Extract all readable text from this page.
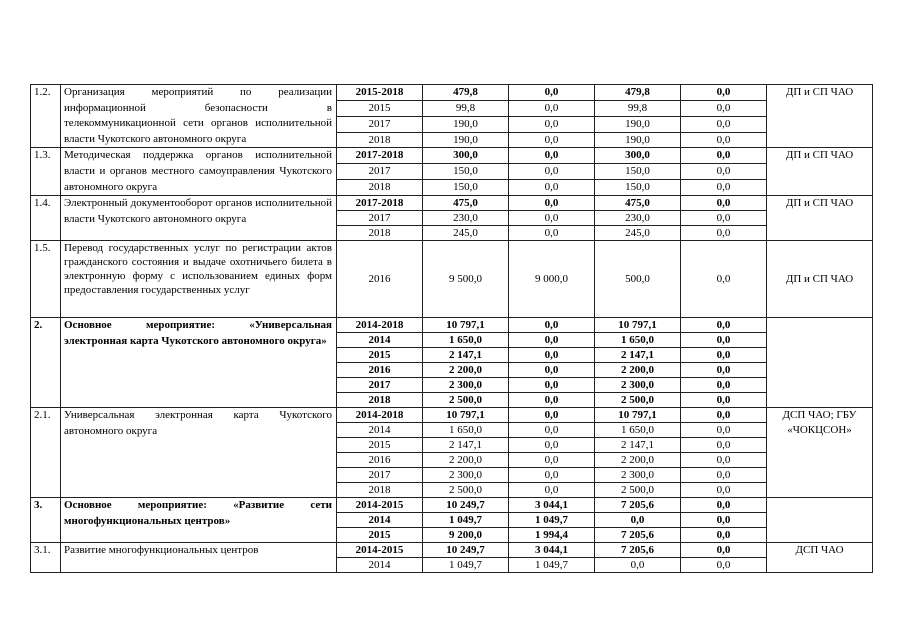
1.2.	Организация мероприятий по реализации информационной безопасности в телекоммуникационной сети органов исполнительной власти Чукотского автономного округа	2015-2018	479,8	0,0	479,8	0,0	ДП и СП ЧАО
		2015	99,8	0,0	99,8	0,0	
		2017	190,0	0,0	190,0	0,0	
		2018	190,0	0,0	190,0	0,0	
1.3.	Методическая поддержка органов исполнительной власти и органов местного самоуправления Чукотского автономного округа	2017-2018	300,0	0,0	300,0	0,0	ДП и СП ЧАО
		2017	150,0	0,0	150,0	0,0	
		2018	150,0	0,0	150,0	0,0	
1.4.	Электронный документооборот органов исполнительной власти Чукотского автономного округа	2017-2018	475,0	0,0	475,0	0,0	ДП и СП ЧАО
		2017	230,0	0,0	230,0	0,0	
		2018	245,0	0,0	245,0	0,0	
1.5.	Перевод государственных услуг по регистрации актов гражданского состояния и выдаче охотничьего билета в электронную форму с использованием единых форм предоставления государственных услуг	2016	9 500,0	9 000,0	500,0	0,0	ДП и СП ЧАО
2.	Основное мероприятие: «Универсальная электронная карта Чукотского автономного округа»	2014-2018	10 797,1	0,0	10 797,1	0,0	
		2014	1 650,0	0,0	1 650,0	0,0	
		2015	2 147,1	0,0	2 147,1	0,0	
		2016	2 200,0	0,0	2 200,0	0,0	
		2017	2 300,0	0,0	2 300,0	0,0	
		2018	2 500,0	0,0	2 500,0	0,0	
2.1.	Универсальная электронная карта Чукотского автономного округа	2014-2018	10 797,1	0,0	10 797,1	0,0	ДСП ЧАО; ГБУ «ЧОКЦСОН»
		2014	1 650,0	0,0	1 650,0	0,0	
		2015	2 147,1	0,0	2 147,1	0,0	
		2016	2 200,0	0,0	2 200,0	0,0	
		2017	2 300,0	0,0	2 300,0	0,0	
		2018	2 500,0	0,0	2 500,0	0,0	
3.	Основное мероприятие: «Развитие сети многофункциональных центров»	2014-2015	10 249,7	3 044,1	7 205,6	0,0	
		2014	1 049,7	1 049,7	0,0	0,0	
		2015	9 200,0	1 994,4	7 205,6	0,0	
3.1.	Развитие многофункциональных центров	2014-2015	10 249,7	3 044,1	7 205,6	0,0	ДСП ЧАО
		2014	1 049,7	1 049,7	0,0	0,0	
